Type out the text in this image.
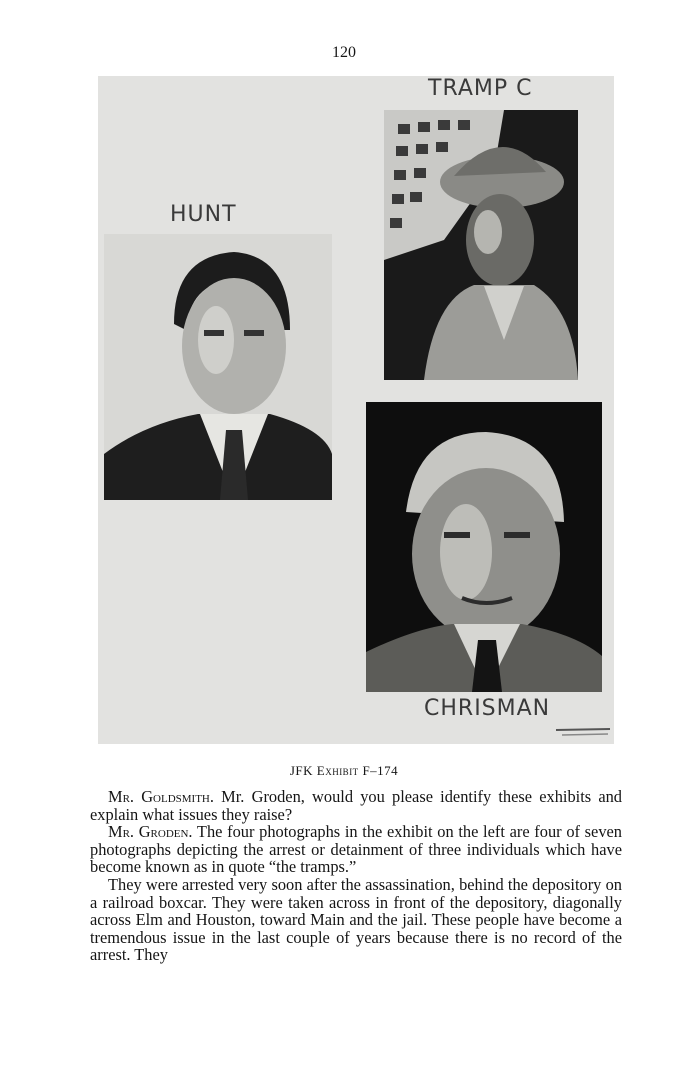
120
TRAMP C
HUNT
CHRISMAN
JFK Exhibit F–174

Mr. Goldsmith. Mr. Groden, would you please identify these exhibits and explain what issues they raise?

Mr. Groden. The four photographs in the exhibit on the left are four of seven photographs depicting the arrest or detainment of three individuals which have become known as in quote “the tramps.”

They were arrested very soon after the assassination, behind the depository on a railroad boxcar. They were taken across in front of the depository, diagonally across Elm and Houston, toward Main and the jail. These people have become a tremendous issue in the last couple of years because there is no record of the arrest. They
